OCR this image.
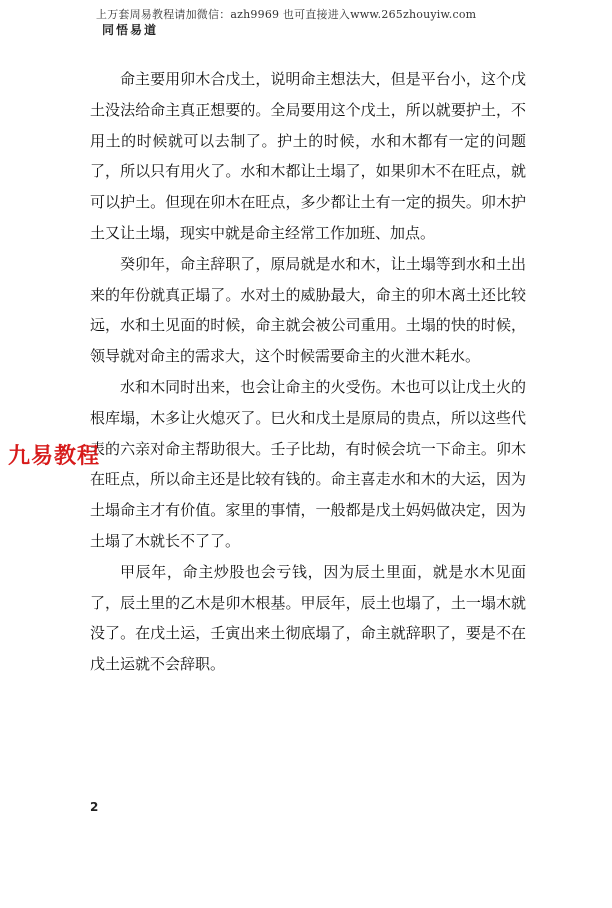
上万套周易教程请加微信：azh9969 也可直接进入www.265zhouyiw.com
同悟易道

命主要用卯木合戊土，说明命主想法大，但是平台小，这个戊土没法给命主真正想要的。全局要用这个戊土，所以就要护土，不用土的时候就可以去制了。护土的时候，水和木都有一定的问题了，所以只有用火了。水和木都让土塌了，如果卯木不在旺点，就可以护土。但现在卯木在旺点，多少都让土有一定的损失。卯木护土又让土塌，现实中就是命主经常工作加班、加点。

癸卯年，命主辞职了，原局就是水和木，让土塌等到水和土出来的年份就真正塌了。水对土的威胁最大，命主的卯木离土还比较远，水和土见面的时候，命主就会被公司重用。土塌的快的时候，领导就对命主的需求大，这个时候需要命主的火泄木耗水。

水和木同时出来，也会让命主的火受伤。木也可以让戊土火的根库塌，木多让火熄灭了。巳火和戊土是原局的贵点，所以这些代表的六亲对命主帮助很大。壬子比劫，有时候会坑一下命主。卯木在旺点，所以命主还是比较有钱的。命主喜走水和木的大运，因为土塌命主才有价值。家里的事情，一般都是戊土妈妈做决定，因为土塌了木就长不了了。

甲辰年，命主炒股也会亏钱，因为辰土里面，就是水木见面了，辰土里的乙木是卯木根基。甲辰年，辰土也塌了，土一塌木就没了。在戊土运，壬寅出来土彻底塌了，命主就辞职了，要是不在戊土运就不会辞职。

九易教程
2
